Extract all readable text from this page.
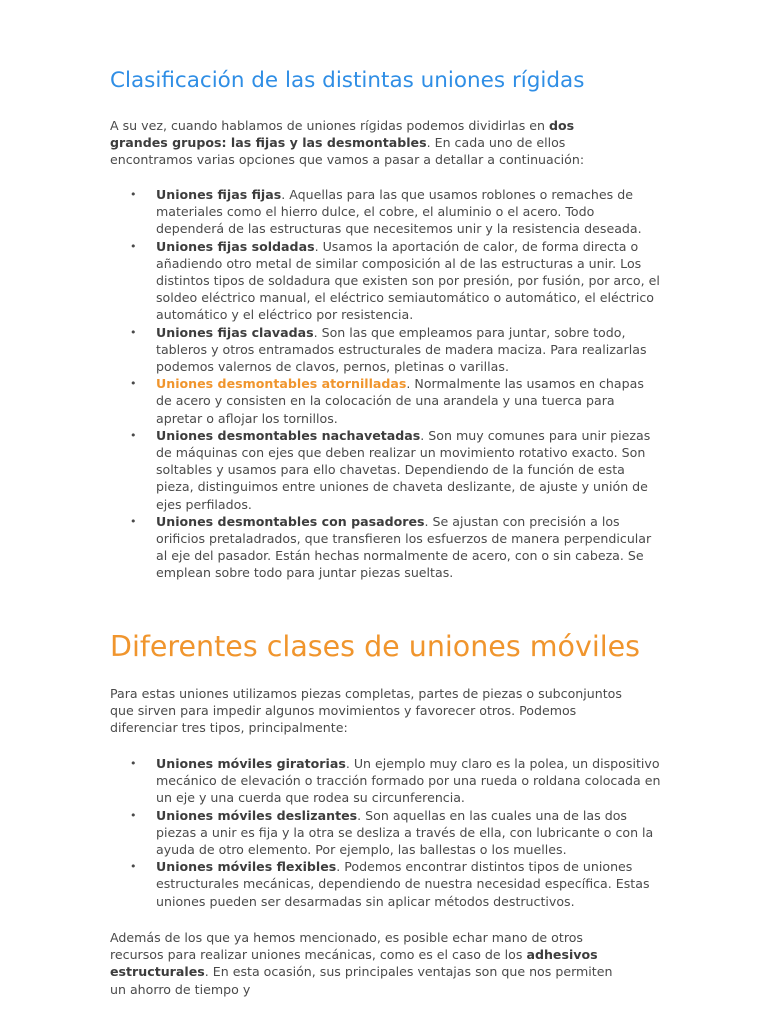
Clasificación de las distintas uniones rígidas

A su vez, cuando hablamos de uniones rígidas podemos dividirlas en dos grandes grupos: las fijas y las desmontables. En cada uno de ellos encontramos varias opciones que vamos a pasar a detallar a continuación:

• Uniones fijas fijas. Aquellas para las que usamos roblones o remaches de materiales como el hierro dulce, el cobre, el aluminio o el acero. Todo dependerá de las estructuras que necesitemos unir y la resistencia deseada.
• Uniones fijas soldadas. Usamos la aportación de calor, de forma directa o añadiendo otro metal de similar composición al de las estructuras a unir. Los distintos tipos de soldadura que existen son por presión, por fusión, por arco, el soldeo eléctrico manual, el eléctrico semiautomático o automático, el eléctrico automático y el eléctrico por resistencia.
• Uniones fijas clavadas. Son las que empleamos para juntar, sobre todo, tableros y otros entramados estructurales de madera maciza. Para realizarlas podemos valernos de clavos, pernos, pletinas o varillas.
• Uniones desmontables atornilladas. Normalmente las usamos en chapas de acero y consisten en la colocación de una arandela y una tuerca para apretar o aflojar los tornillos.
• Uniones desmontables nachavetadas. Son muy comunes para unir piezas de máquinas con ejes que deben realizar un movimiento rotativo exacto. Son soltables y usamos para ello chavetas. Dependiendo de la función de esta pieza, distinguimos entre uniones de chaveta deslizante, de ajuste y unión de ejes perfilados.
• Uniones desmontables con pasadores. Se ajustan con precisión a los orificios pretaladrados, que transfieren los esfuerzos de manera perpendicular al eje del pasador. Están hechas normalmente de acero, con o sin cabeza. Se emplean sobre todo para juntar piezas sueltas.
Diferentes clases de uniones móviles

Para estas uniones utilizamos piezas completas, partes de piezas o subconjuntos que sirven para impedir algunos movimientos y favorecer otros. Podemos diferenciar tres tipos, principalmente:

• Uniones móviles giratorias. Un ejemplo muy claro es la polea, un dispositivo mecánico de elevación o tracción formado por una rueda o roldana colocada en un eje y una cuerda que rodea su circunferencia.
• Uniones móviles deslizantes. Son aquellas en las cuales una de las dos piezas a unir es fija y la otra se desliza a través de ella, con lubricante o con la ayuda de otro elemento. Por ejemplo, las ballestas o los muelles.
• Uniones móviles flexibles. Podemos encontrar distintos tipos de uniones estructurales mecánicas, dependiendo de nuestra necesidad específica. Estas uniones pueden ser desarmadas sin aplicar métodos destructivos.

Además de los que ya hemos mencionado, es posible echar mano de otros recursos para realizar uniones mecánicas, como es el caso de los adhesivos estructurales. En esta ocasión, sus principales ventajas son que nos permiten un ahorro de tiempo y
